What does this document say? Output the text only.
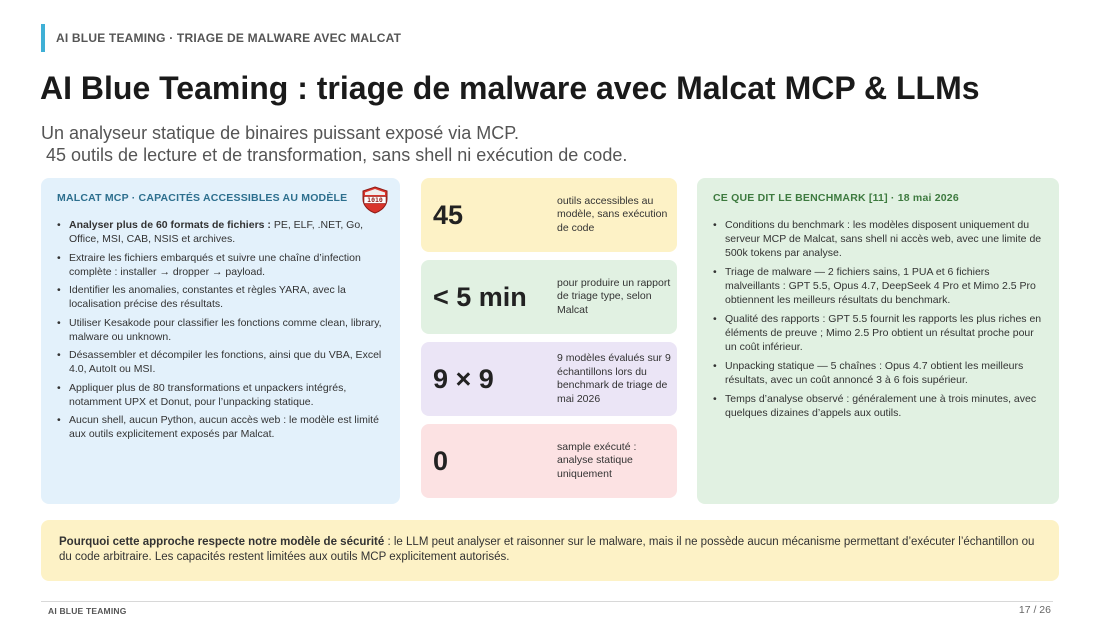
AI BLUE TEAMING · TRIAGE DE MALWARE AVEC MALCAT
AI Blue Teaming : triage de malware avec Malcat MCP & LLMs
Un analyseur statique de binaires puissant exposé via MCP.
45 outils de lecture et de transformation, sans shell ni exécution de code.
MALCAT MCP · CAPACITÉS ACCESSIBLES AU MODÈLE	1010
• Analyser plus de 60 formats de fichiers : PE, ELF, .NET, Go, Office, MSI, CAB, NSIS et archives.
• Extraire les fichiers embarqués et suivre une chaîne d’infection complète : installer → dropper → payload.
• Identifier les anomalies, constantes et règles YARA, avec la localisation précise des résultats.
• Utiliser Kesakode pour classifier les fonctions comme clean, library, malware ou unknown.
• Désassembler et décompiler les fonctions, ainsi que du VBA, Excel 4.0, AutoIt ou MSI.
• Appliquer plus de 80 transformations et unpackers intégrés, notamment UPX et Donut, pour l’unpacking statique.
• Aucun shell, aucun Python, aucun accès web : le modèle est limité aux outils explicitement exposés par Malcat.
45	outils accessibles au modèle, sans exécution de code
< 5 min	pour produire un rapport de triage type, selon Malcat
9 × 9
9 modèles évalués sur 9 échantillons lors du benchmark de triage de mai 2026
0	sample exécuté : analyse statique uniquement
CE QUE DIT LE BENCHMARK [11] · 18 mai 2026
• Conditions du benchmark : les modèles disposent uniquement du serveur MCP de Malcat, sans shell ni accès web, avec une limite de 500k tokens par analyse.
• Triage de malware — 2 fichiers sains, 1 PUA et 6 fichiers malveillants : GPT 5.5, Opus 4.7, DeepSeek 4 Pro et Mimo 2.5 Pro obtiennent les meilleurs résultats du benchmark.
• Qualité des rapports : GPT 5.5 fournit les rapports les plus riches en éléments de preuve ; Mimo 2.5 Pro obtient un résultat proche pour un coût inférieur.
• Unpacking statique — 5 chaînes : Opus 4.7 obtient les meilleurs résultats, avec un coût annoncé 3 à 6 fois supérieur.
• Temps d’analyse observé : généralement une à trois minutes, avec quelques dizaines d’appels aux outils.
Pourquoi cette approche respecte notre modèle de sécurité : le LLM peut analyser et raisonner sur le malware, mais il ne possède aucun mécanisme permettant d’exécuter l’échantillon ou du code arbitraire. Les capacités restent limitées aux outils MCP explicitement autorisés.
AI BLUE TEAMING	17 / 26
